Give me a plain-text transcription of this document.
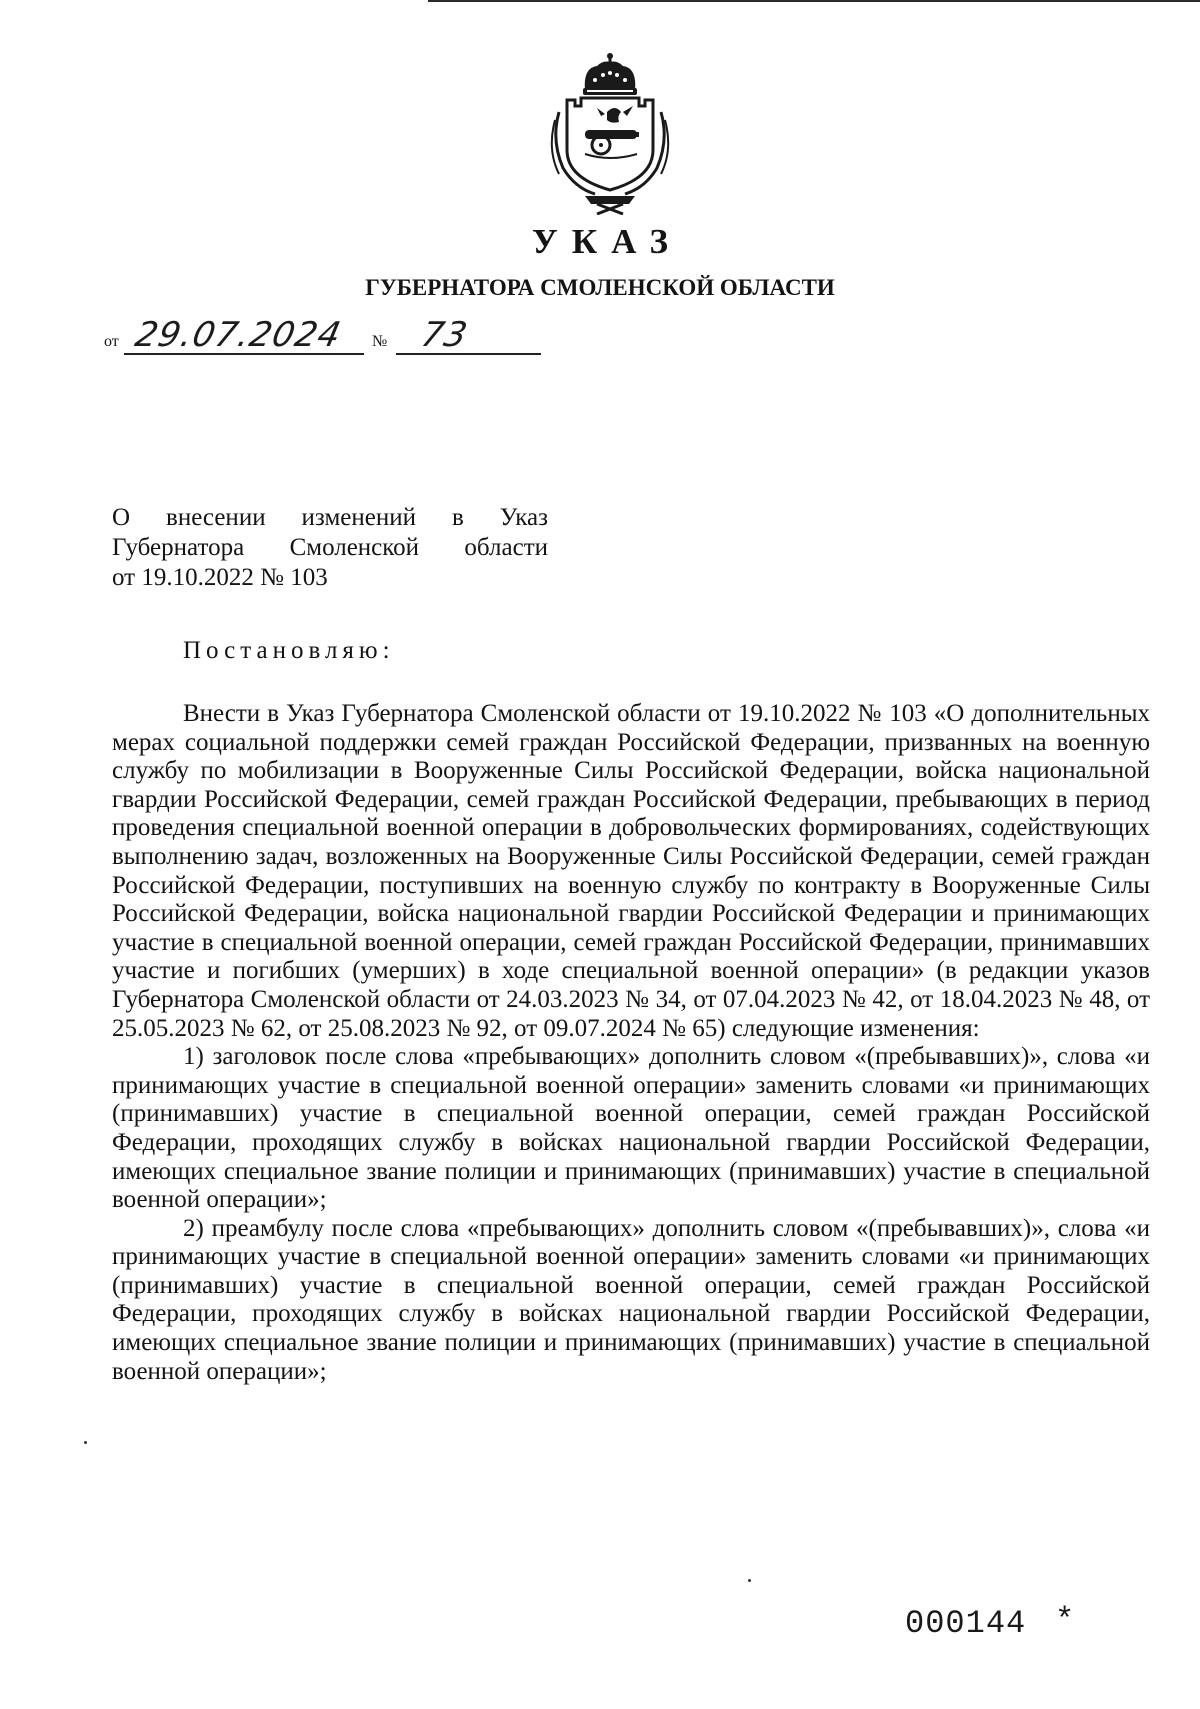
УКАЗ
ГУБЕРНАТОРА СМОЛЕНСКОЙ ОБЛАСТИ
от 29.07.2024 № 73
О внесении изменений в Указ
Губернатора Смоленской области
от 19.10.2022 № 103
Постановляю:

Внести в Указ Губернатора Смоленской области от 19.10.2022 № 103 «О дополнительных мерах социальной поддержки семей граждан Российской Федерации, призванных на военную службу по мобилизации в Вооруженные Силы Российской Федерации, войска национальной гвардии Российской Федерации, семей граждан Российской Федерации, пребывающих в период проведения специальной военной операции в добровольческих формированиях, содействующих выполнению задач, возложенных на Вооруженные Силы Российской Федерации, семей граждан Российской Федерации, поступивших на военную службу по контракту в Вооруженные Силы Российской Федерации, войска национальной гвардии Российской Федерации и принимающих участие в специальной военной операции, семей граждан Российской Федерации, принимавших участие и погибших (умерших) в ходе специальной военной операции» (в редакции указов Губернатора Смоленской области от 24.03.2023 № 34, от 07.04.2023 № 42, от 18.04.2023 № 48, от 25.05.2023 № 62, от 25.08.2023 № 92, от 09.07.2024 № 65) следующие изменения:

1) заголовок после слова «пребывающих» дополнить словом «(пребывавших)», слова «и принимающих участие в специальной военной операции» заменить словами «и принимающих (принимавших) участие в специальной военной операции, семей граждан Российской Федерации, проходящих службу в войсках национальной гвардии Российской Федерации, имеющих специальное звание полиции и принимающих (принимавших) участие в специальной военной операции»;

2) преамбулу после слова «пребывающих» дополнить словом «(пребывавших)», слова «и принимающих участие в специальной военной операции» заменить словами «и принимающих (принимавших) участие в специальной военной операции, семей граждан Российской Федерации, проходящих службу в войсках национальной гвардии Российской Федерации, имеющих специальное звание полиции и принимающих (принимавших) участие в специальной военной операции»;

000144 *
